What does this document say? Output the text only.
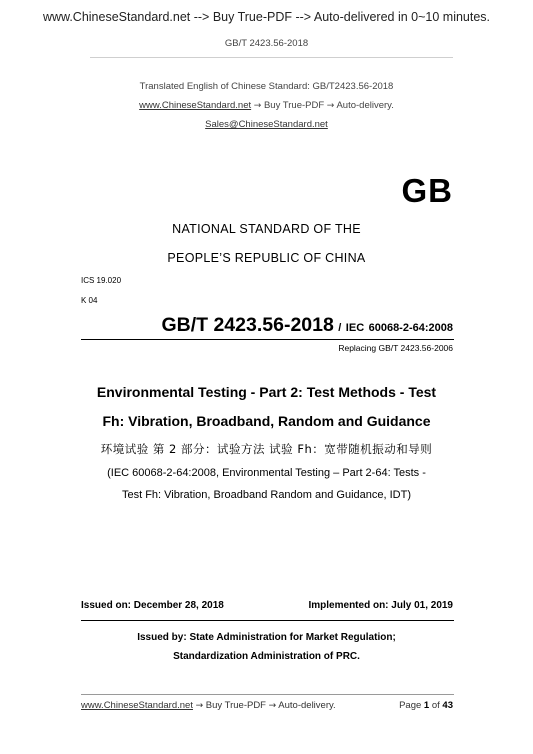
www.ChineseStandard.net --> Buy True-PDF --> Auto-delivered in 0~10 minutes.
GB/T 2423.56-2018
Translated English of Chinese Standard: GB/T2423.56-2018
www.ChineseStandard.net → Buy True-PDF → Auto-delivery.
Sales@ChineseStandard.net
GB
NATIONAL STANDARD OF THE
PEOPLE’S REPUBLIC OF CHINA
ICS 19.020
K 04
GB/T 2423.56-2018 / IEC 60068-2-64:2008
Replacing GB/T 2423.56-2006
Environmental Testing - Part 2: Test Methods - Test
Fh: Vibration, Broadband, Random and Guidance
环境试验 第 2 部分：试验方法 试验 Fh：宽带随机振动和导则
(IEC 60068-2-64:2008, Environmental Testing – Part 2-64: Tests -
Test Fh: Vibration, Broadband Random and Guidance, IDT)
Issued on: December 28, 2018	Implemented on: July 01, 2019
Issued by: State Administration for Market Regulation;
Standardization Administration of PRC.
www.ChineseStandard.net → Buy True-PDF → Auto-delivery.	Page 1 of 43
